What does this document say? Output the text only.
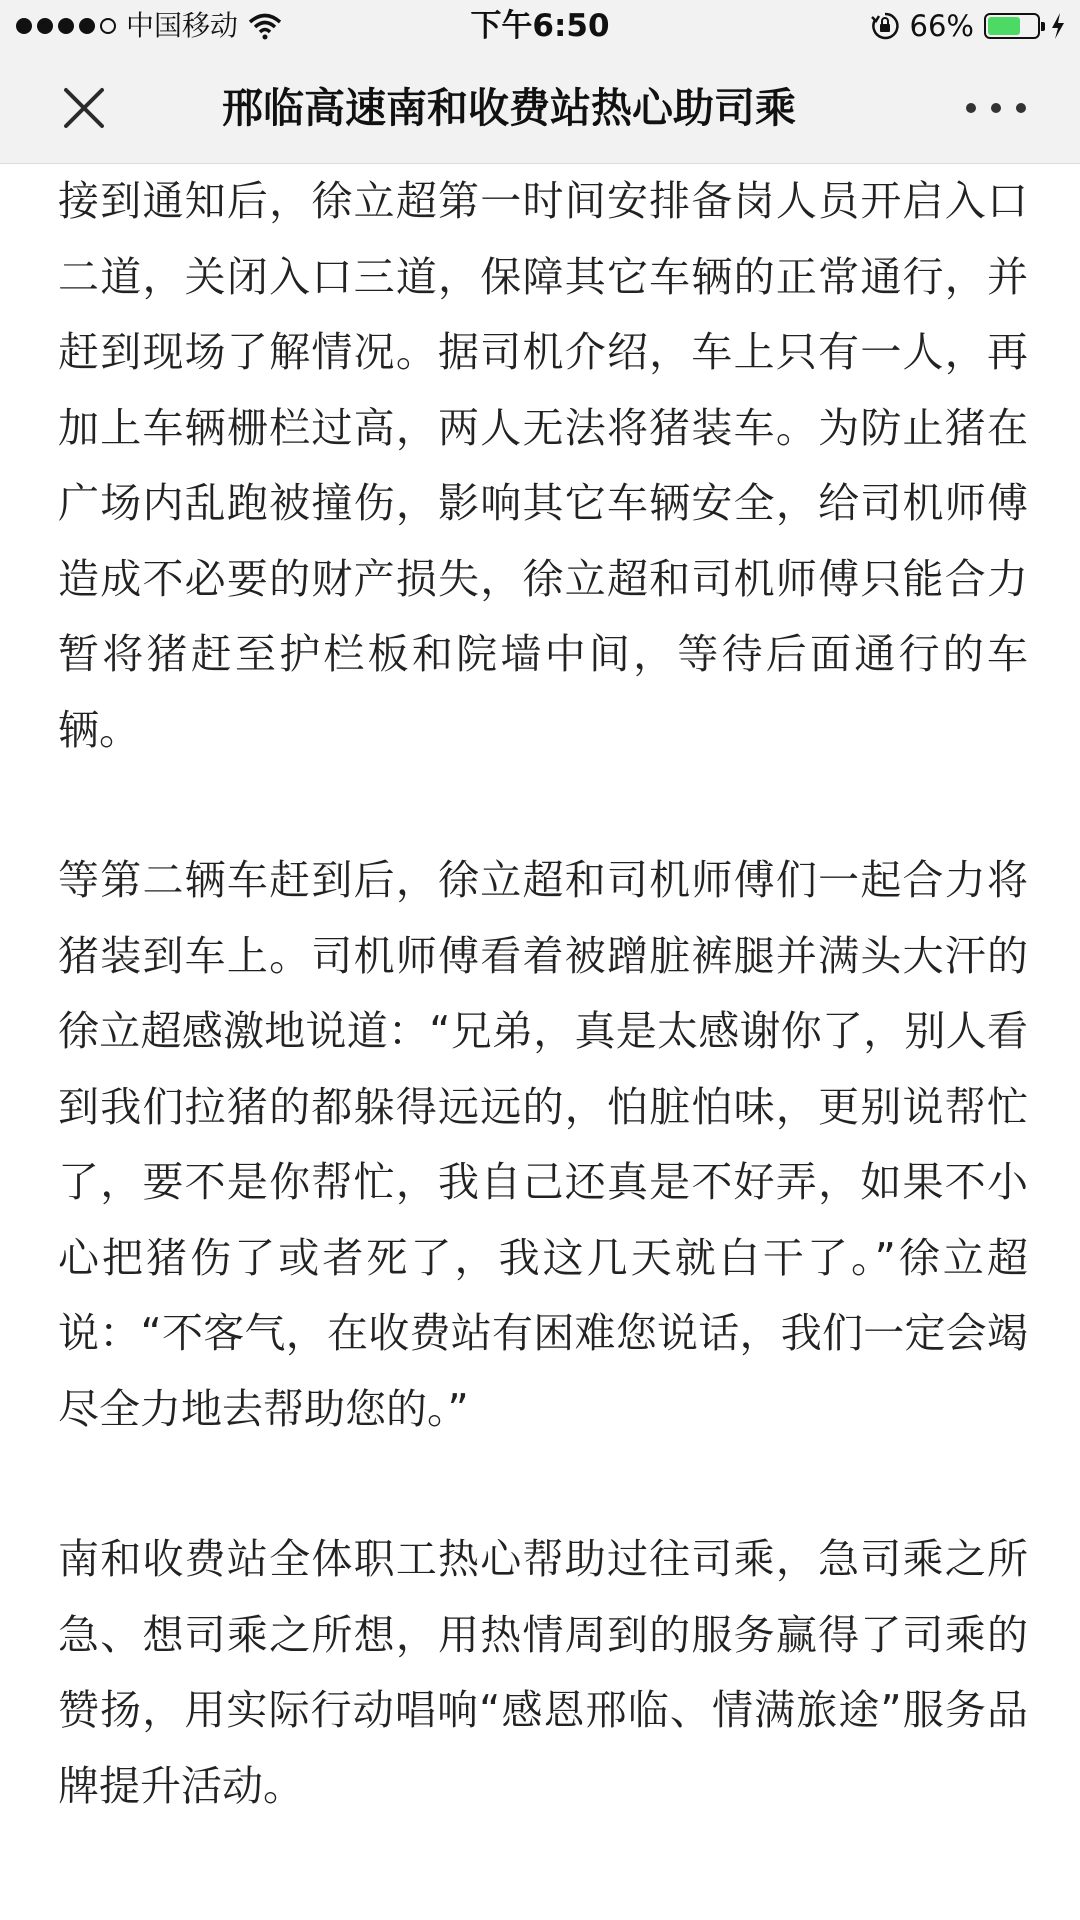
中国移动	下午6:50	66%
邢临高速南和收费站热心助司乘

接到通知后，徐立超第一时间安排备岗人员开启入口二道，关闭入口三道，保障其它车辆的正常通行，并赶到现场了解情况。据司机介绍，车上只有一人，再加上车辆栅栏过高，两人无法将猪装车。为防止猪在广场内乱跑被撞伤，影响其它车辆安全，给司机师傅造成不必要的财产损失，徐立超和司机师傅只能合力暂将猪赶至护栏板和院墙中间，等待后面通行的车辆。

等第二辆车赶到后，徐立超和司机师傅们一起合力将猪装到车上。司机师傅看着被蹭脏裤腿并满头大汗的徐立超感激地说道：“兄弟，真是太感谢你了，别人看到我们拉猪的都躲得远远的，怕脏怕味，更别说帮忙了，要不是你帮忙，我自己还真是不好弄，如果不小心把猪伤了或者死了，我这几天就白干了。”徐立超说：“不客气，在收费站有困难您说话，我们一定会竭尽全力地去帮助您的。”

南和收费站全体职工热心帮助过往司乘，急司乘之所急、想司乘之所想，用热情周到的服务赢得了司乘的赞扬，用实际行动唱响“感恩邢临、情满旅途”服务品牌提升活动。
